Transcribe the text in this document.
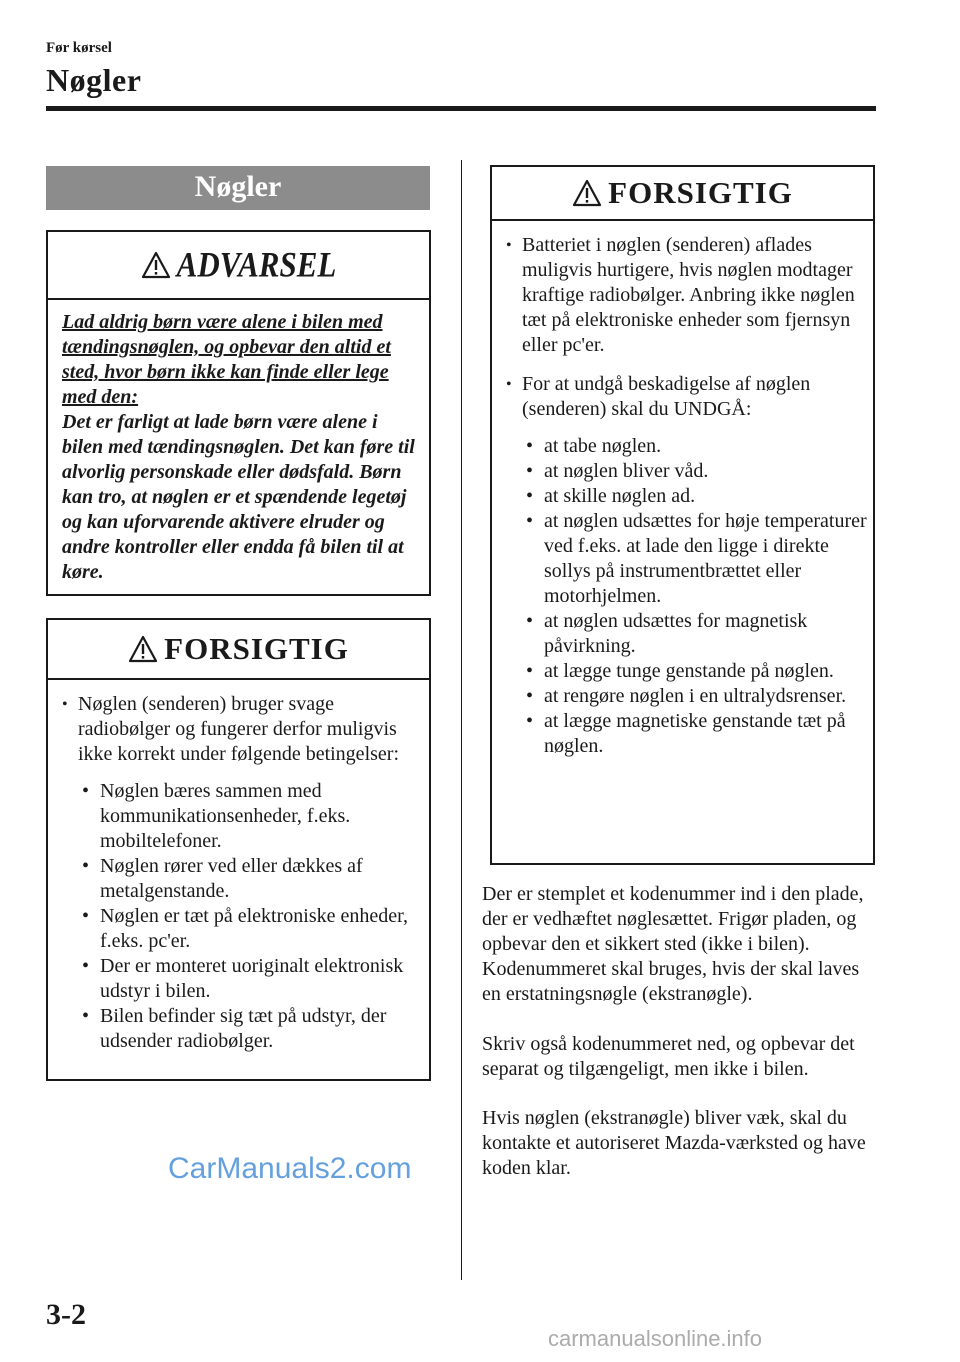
Før kørsel
Nøgler
Nøgler
ADVARSEL
Lad aldrig børn være alene i bilen med tændingsnøglen, og opbevar den altid et sted, hvor børn ikke kan finde eller lege med den:
Det er farligt at lade børn være alene i bilen med tændingsnøglen. Det kan føre til alvorlig personskade eller dødsfald. Børn kan tro, at nøglen er et spændende legetøj og kan uforvarende aktivere elruder og andre kontroller eller endda få bilen til at køre.
FORSIGTIG
• Nøglen (senderen) bruger svage radiobølger og fungerer derfor muligvis ikke korrekt under følgende betingelser:
• Nøglen bæres sammen med kommunikationsenheder, f.eks. mobiltelefoner.
• Nøglen rører ved eller dækkes af metalgenstande.
• Nøglen er tæt på elektroniske enheder, f.eks. pc'er.
• Der er monteret uoriginalt elektronisk udstyr i bilen.
• Bilen befinder sig tæt på udstyr, der udsender radiobølger.
FORSIGTIG
• Batteriet i nøglen (senderen) aflades muligvis hurtigere, hvis nøglen modtager kraftige radiobølger. Anbring ikke nøglen tæt på elektroniske enheder som fjernsyn eller pc'er.
• For at undgå beskadigelse af nøglen (senderen) skal du UNDGÅ:
• at tabe nøglen.
• at nøglen bliver våd.
• at skille nøglen ad.
• at nøglen udsættes for høje temperaturer ved f.eks. at lade den ligge i direkte sollys på instrumentbrættet eller motorhjelmen.
• at nøglen udsættes for magnetisk påvirkning.
• at lægge tunge genstande på nøglen.
• at rengøre nøglen i en ultralydsrenser.
• at lægge magnetiske genstande tæt på nøglen.
Der er stemplet et kodenummer ind i den plade, der er vedhæftet nøglesættet. Frigør pladen, og opbevar den et sikkert sted (ikke i bilen). Kodenummeret skal bruges, hvis der skal laves en erstatningsnøgle (ekstranøgle).
Skriv også kodenummeret ned, og opbevar det separat og tilgængeligt, men ikke i bilen.
Hvis nøglen (ekstranøgle) bliver væk, skal du kontakte et autoriseret Mazda-værksted og have koden klar.
CarManuals2.com
3-2
carmanualsonline.info
